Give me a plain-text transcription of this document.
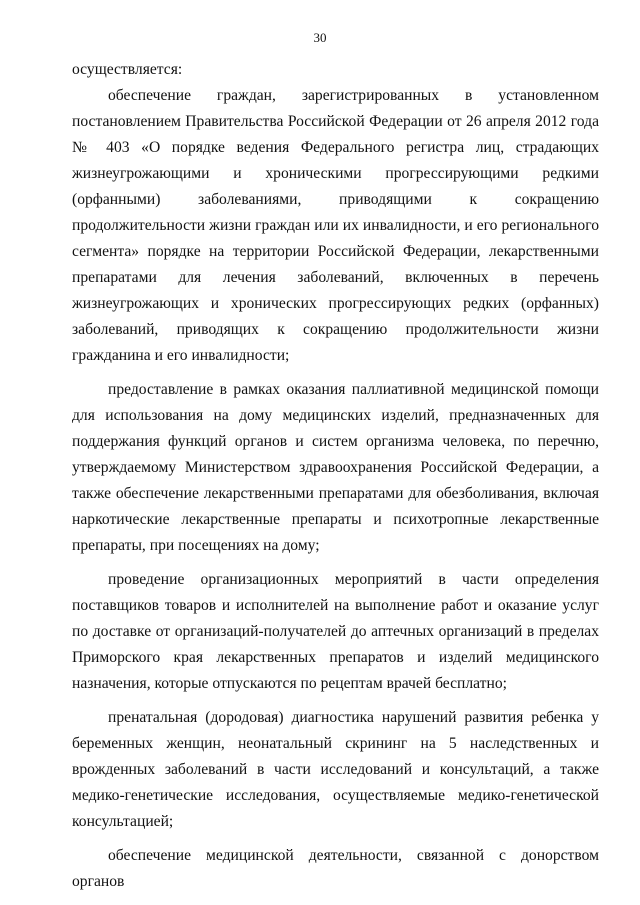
30

осуществляется:

обеспечение граждан, зарегистрированных в установленном постановлением Правительства Российской Федерации от 26 апреля 2012 года № 403 «О порядке ведения Федерального регистра лиц, страдающих жизнеугрожающими и хроническими прогрессирующими редкими (орфанными) заболеваниями, приводящими к сокращению продолжительности жизни граждан или их инвалидности, и его регионального сегмента» порядке на территории Российской Федерации, лекарственными препаратами для лечения заболеваний, включенных в перечень жизнеугрожающих и хронических прогрессирующих редких (орфанных) заболеваний, приводящих к сокращению продолжительности жизни гражданина и его инвалидности;

предоставление в рамках оказания паллиативной медицинской помощи для использования на дому медицинских изделий, предназначенных для поддержания функций органов и систем организма человека, по перечню, утверждаемому Министерством здравоохранения Российской Федерации, а также обеспечение лекарственными препаратами для обезболивания, включая наркотические лекарственные препараты и психотропные лекарственные препараты, при посещениях на дому;

проведение организационных мероприятий в части определения поставщиков товаров и исполнителей на выполнение работ и оказание услуг по доставке от организаций-получателей до аптечных организаций в пределах Приморского края лекарственных препаратов и изделий медицинского назначения, которые отпускаются по рецептам врачей бесплатно;

пренатальная (дородовая) диагностика нарушений развития ребенка у беременных женщин, неонатальный скрининг на 5 наследственных и врожденных заболеваний в части исследований и консультаций, а также медико-генетические исследования, осуществляемые медико-генетической консультацией;

обеспечение медицинской деятельности, связанной с донорством органов
